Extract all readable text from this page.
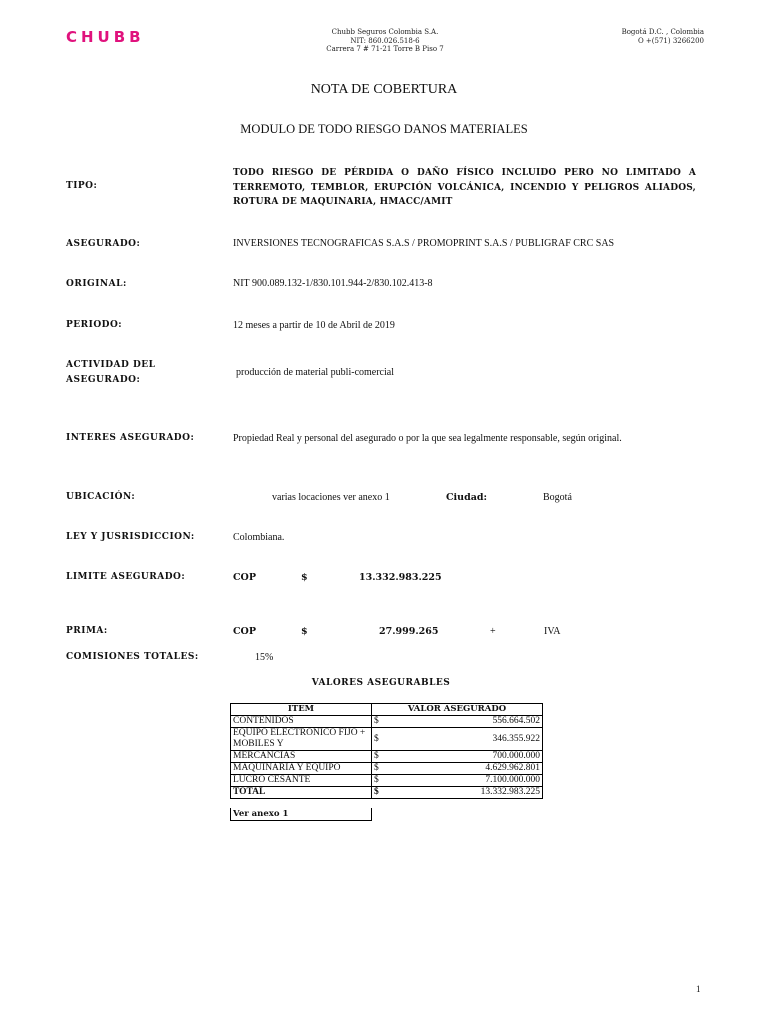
CHUBB	Chubb Seguros Colombia S.A.
NIT: 860.026.518-6
Carrera 7 # 71-21 Torre B Piso 7
Bogotá D.C. , Colombia
O +(571) 3266200
NOTA DE COBERTURA
MODULO DE TODO RIESGO DANOS MATERIALES
TIPO:
TODO RIESGO DE PÉRDIDA O DAÑO FÍSICO INCLUIDO PERO NO LIMITADO A TERREMOTO, TEMBLOR, ERUPCIÓN VOLCÁNICA, INCENDIO Y PELIGROS ALIADOS, ROTURA DE MAQUINARIA, HMACC/AMIT
ASEGURADO:	INVERSIONES TECNOGRAFICAS S.A.S / PROMOPRINT S.A.S / PUBLIGRAF CRC SAS
ORIGINAL:	NIT 900.089.132-1/830.101.944-2/830.102.413-8
PERIODO:	12 meses a partir de 10 de Abril de 2019
ACTIVIDAD DEL
ASEGURADO:
producción de material publi-comercial
INTERES ASEGURADO:	Propiedad Real y personal del asegurado o por la que sea legalmente responsable, según original.
UBICACIÓN:	varias locaciones ver anexo 1	Ciudad:	Bogotá
LEY Y JUSRISDICCION:	Colombiana.
LIMITE ASEGURADO:	COP	$	13.332.983.225
PRIMA:	COP	$	27.999.265	+	IVA
COMISIONES TOTALES:	15%
VALORES ASEGURABLES
ITEM	VALOR ASEGURADO	
CONTENIDOS	$	556.664.502
EQUIPO ELECTRONICO FIJO + MOBILES Y	$	346.355.922
MERCANCIAS	$	700.000.000
MAQUINARIA Y EQUIPO	$	4.629.962.801
LUCRO CESANTE	$	7.100.000.000
TOTAL	$	13.332.983.225
Ver anexo 1
1
